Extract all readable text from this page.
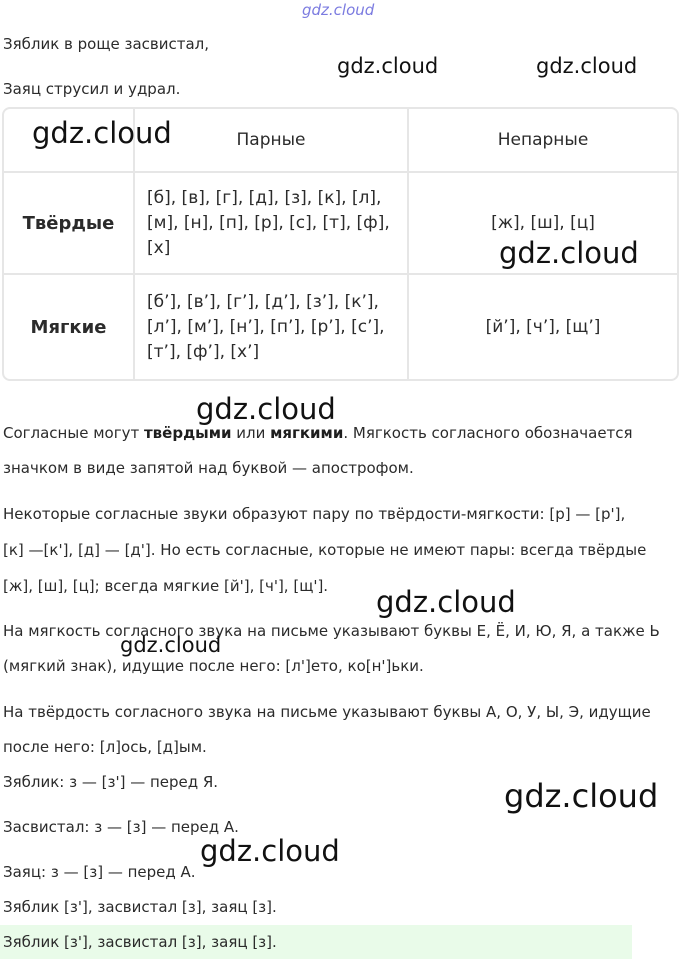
gdz.cloud
Зяблик в роще засвистал,
Заяц струсил и удрал.
gdz.cloud	gdz.cloud
	Парные	Непарные
Твёрдые	[б], [в], [г], [д], [з], [к], [л], [м], [н], [п], [р], [с], [т], [ф], [х]	[ж], [ш], [ц]
Мягкие	[б’], [в’], [г’], [д’], [з’], [к’], [л’], [м’], [н’], [п’], [р’], [с’], [т’], [ф’], [х’]	[й’], [ч’], [щ’]
gdz.cloud
gdz.cloud
gdz.cloud
Согласные могут твёрдыми или мягкими. Мягкость согласного обозначается
значком в виде запятой над буквой — апострофом.
Некоторые согласные звуки образуют пару по твёрдости-мягкости: [р] — [р'],
[к] —[к'], [д] — [д']. Но есть согласные, которые не имеют пары: всегда твёрдые
[ж], [ш], [ц]; всегда мягкие [й'], [ч'], [щ']. gdz.cloud
На мягкость согласного звука на письме указывают буквы Е, Ё, И, Ю, Я, а также Ь
(мягкий знак), идущие после него: [л']ето, ко[н']ьки.
gdz.cloud
На твёрдость согласного звука на письме указывают буквы А, О, У, Ы, Э, идущие
после него: [л]ось, [д]ым.
Зяблик: з — [з'] — перед Я.	gdz.cloud
Засвистал: з — [з] — перед А.
gdz.cloud
Заяц: з — [з] — перед А.
Зяблик [з'], засвистал [з], заяц [з].
Зяблик [з'], засвистал [з], заяц [з].
